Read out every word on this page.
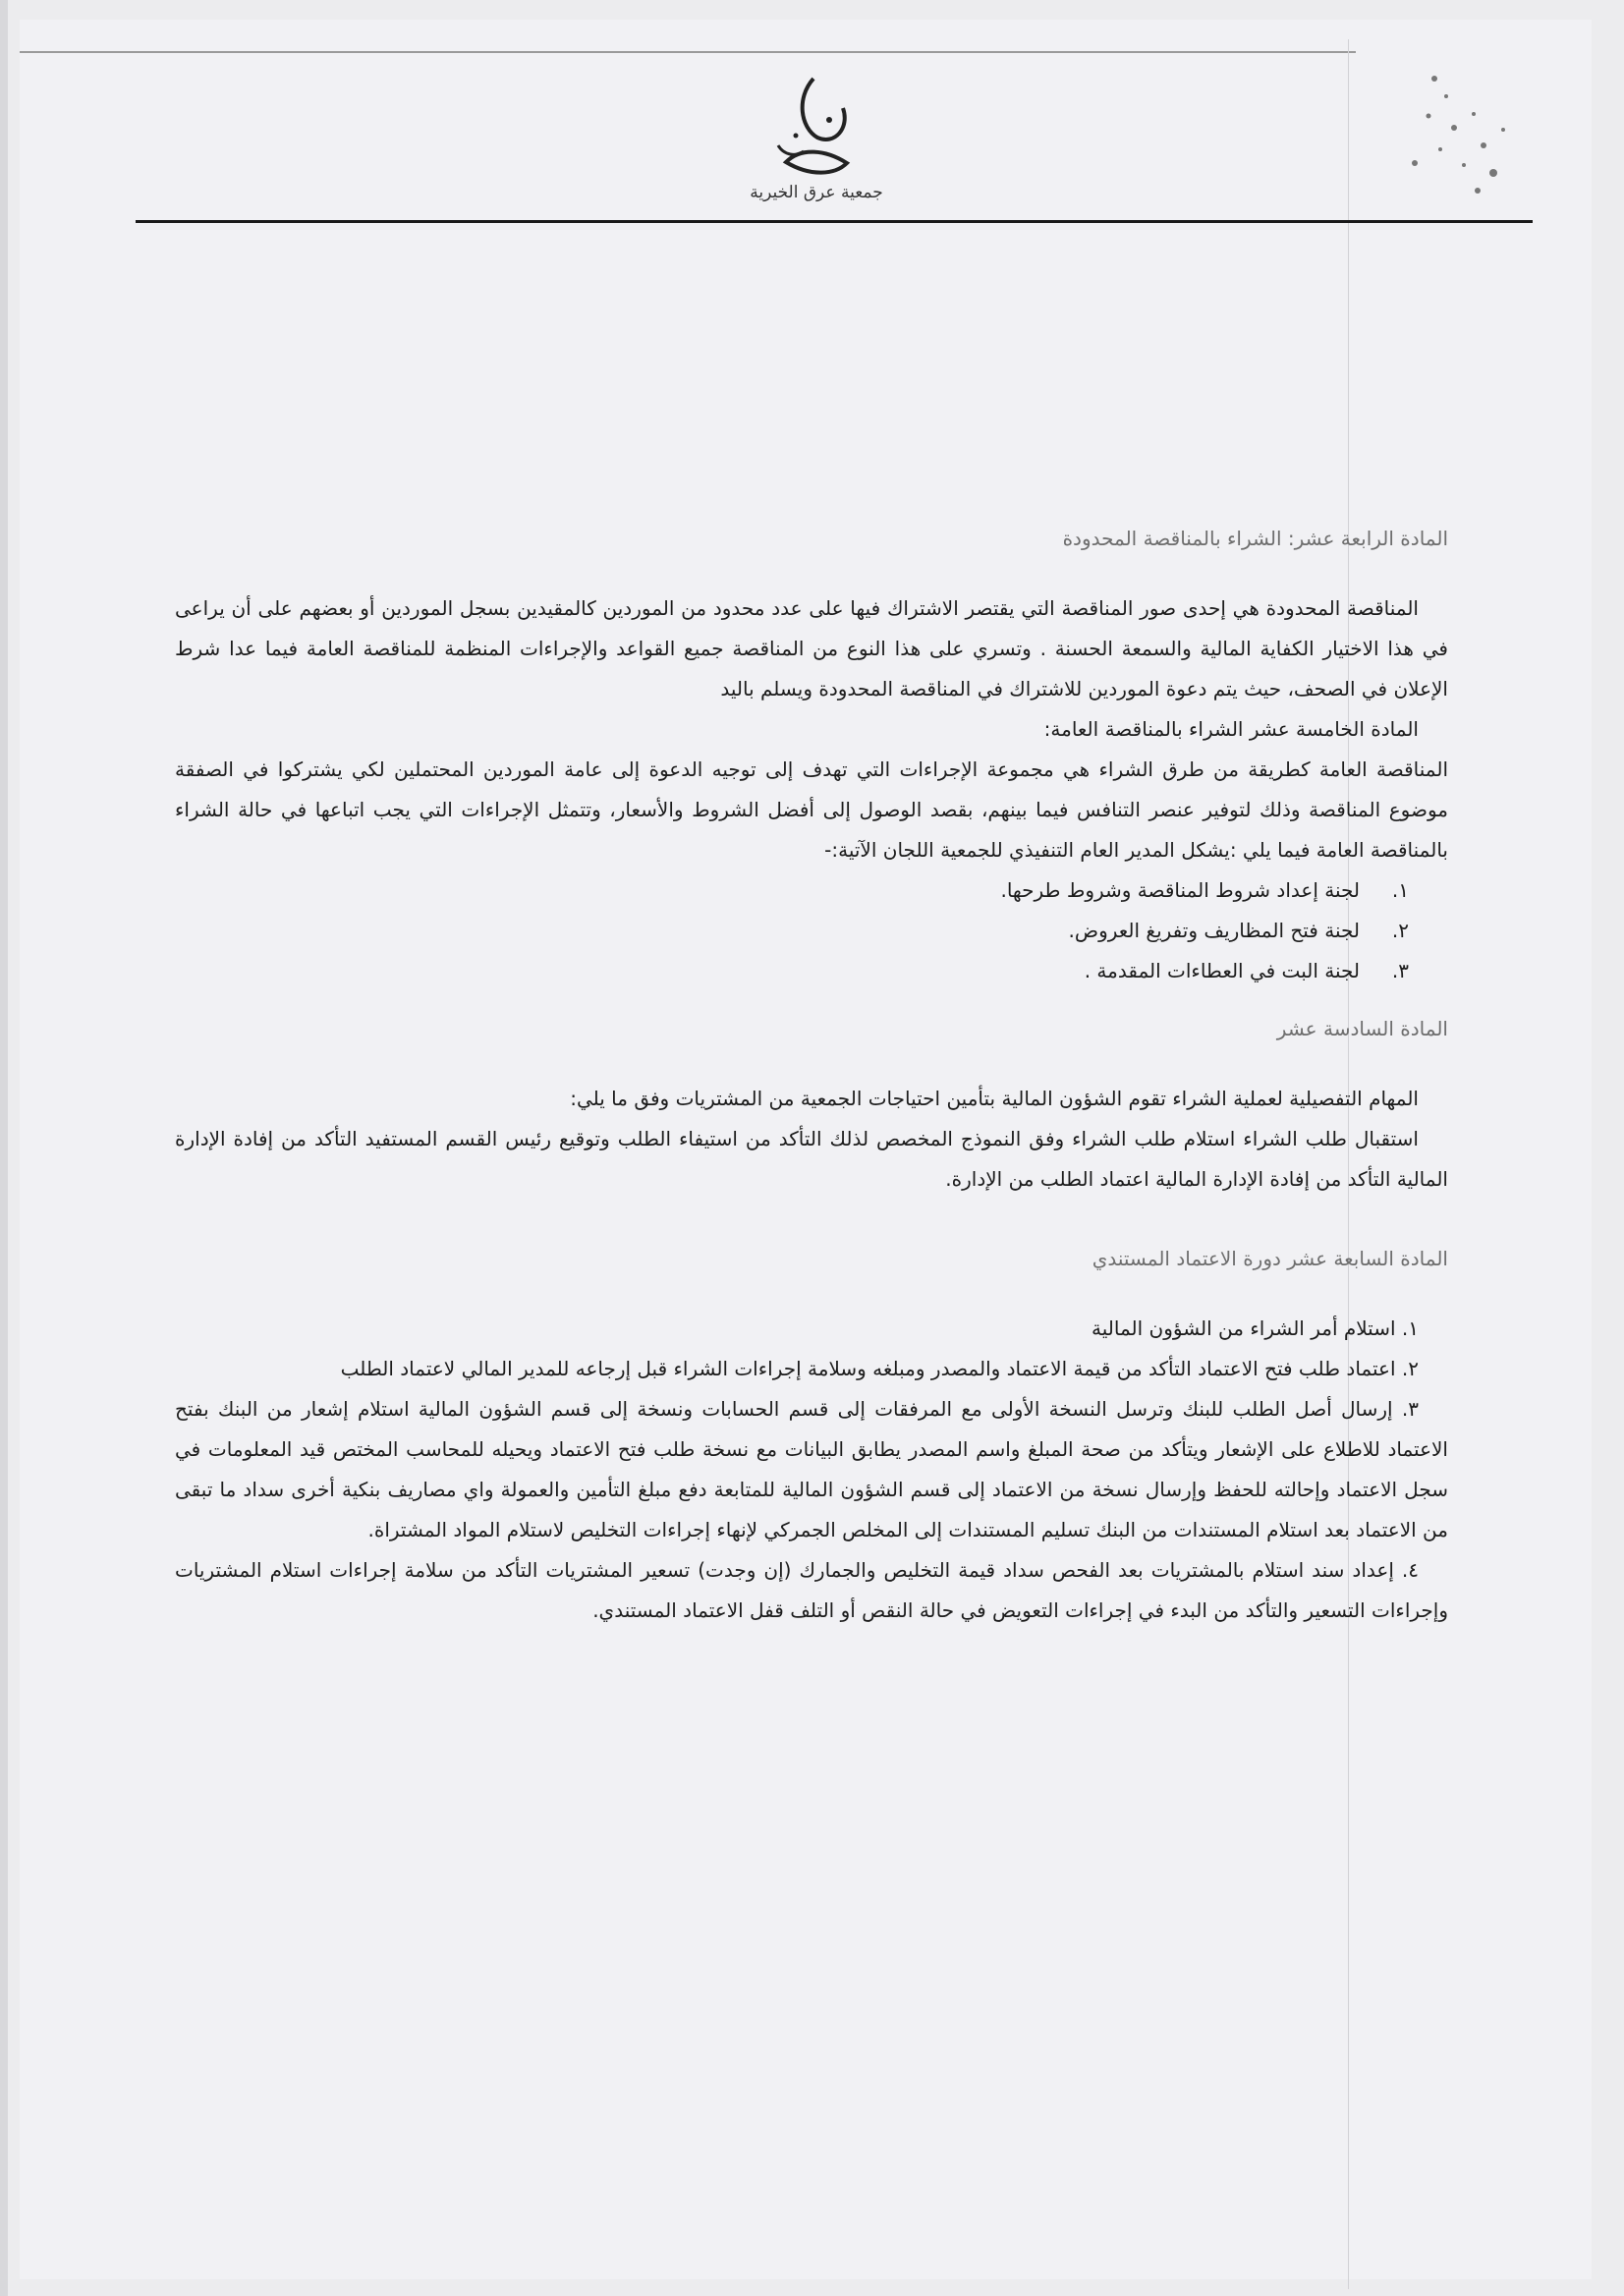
جمعية عرق الخيرية

المادة الرابعة عشر: الشراء بالمناقصة المحدودة

المناقصة المحدودة هي إحدى صور المناقصة التي يقتصر الاشتراك فيها على عدد محدود من الموردين كالمقيدين بسجل الموردين أو بعضهم على أن يراعى في هذا الاختيار الكفاية المالية والسمعة الحسنة . وتسري على هذا النوع من المناقصة جميع القواعد والإجراءات المنظمة للمناقصة العامة فيما عدا شرط الإعلان في الصحف، حيث يتم دعوة الموردين للاشتراك في المناقصة المحدودة ويسلم باليد

المادة الخامسة عشر الشراء بالمناقصة العامة:

المناقصة العامة كطريقة من طرق الشراء هي مجموعة الإجراءات التي تهدف إلى توجيه الدعوة إلى عامة الموردين المحتملين لكي يشتركوا في الصفقة موضوع المناقصة وذلك لتوفير عنصر التنافس فيما بينهم، بقصد الوصول إلى أفضل الشروط والأسعار، وتتمثل الإجراءات التي يجب اتباعها في حالة الشراء بالمناقصة العامة فيما يلي :يشكل المدير العام التنفيذي للجمعية اللجان الآتية:-

١.
لجنة إعداد شروط المناقصة وشروط طرحها.

٢.
لجنة فتح المظاريف وتفريغ العروض.

٣.
لجنة البت في العطاءات المقدمة .

المادة السادسة عشر

المهام التفصيلية لعملية الشراء تقوم الشؤون المالية بتأمين احتياجات الجمعية من المشتريات وفق ما يلي:

استقبال طلب الشراء استلام طلب الشراء وفق النموذج المخصص لذلك التأكد من استيفاء الطلب وتوقيع رئيس القسم المستفيد التأكد من إفادة الإدارة المالية التأكد من إفادة الإدارة المالية اعتماد الطلب من الإدارة.

المادة السابعة عشر دورة الاعتماد المستندي

١. استلام أمر الشراء من الشؤون المالية

٢. اعتماد طلب فتح الاعتماد التأكد من قيمة الاعتماد والمصدر ومبلغه وسلامة إجراءات الشراء قبل إرجاعه للمدير المالي لاعتماد الطلب

٣. إرسال أصل الطلب للبنك وترسل النسخة الأولى مع المرفقات إلى قسم الحسابات ونسخة إلى قسم الشؤون المالية استلام إشعار من البنك بفتح الاعتماد للاطلاع على الإشعار ويتأكد من صحة المبلغ واسم المصدر يطابق البيانات مع نسخة طلب فتح الاعتماد ويحيله للمحاسب المختص قيد المعلومات في سجل الاعتماد وإحالته للحفظ وإرسال نسخة من الاعتماد إلى قسم الشؤون المالية للمتابعة دفع مبلغ التأمين والعمولة واي مصاريف بنكية أخرى سداد ما تبقى من الاعتماد بعد استلام المستندات من البنك تسليم المستندات إلى المخلص الجمركي لإنهاء إجراءات التخليص لاستلام المواد المشتراة.

٤. إعداد سند استلام بالمشتريات بعد الفحص سداد قيمة التخليص والجمارك (إن وجدت) تسعير المشتريات التأكد من سلامة إجراءات استلام المشتريات وإجراءات التسعير والتأكد من البدء في إجراءات التعويض في حالة النقص أو التلف قفل الاعتماد المستندي.
